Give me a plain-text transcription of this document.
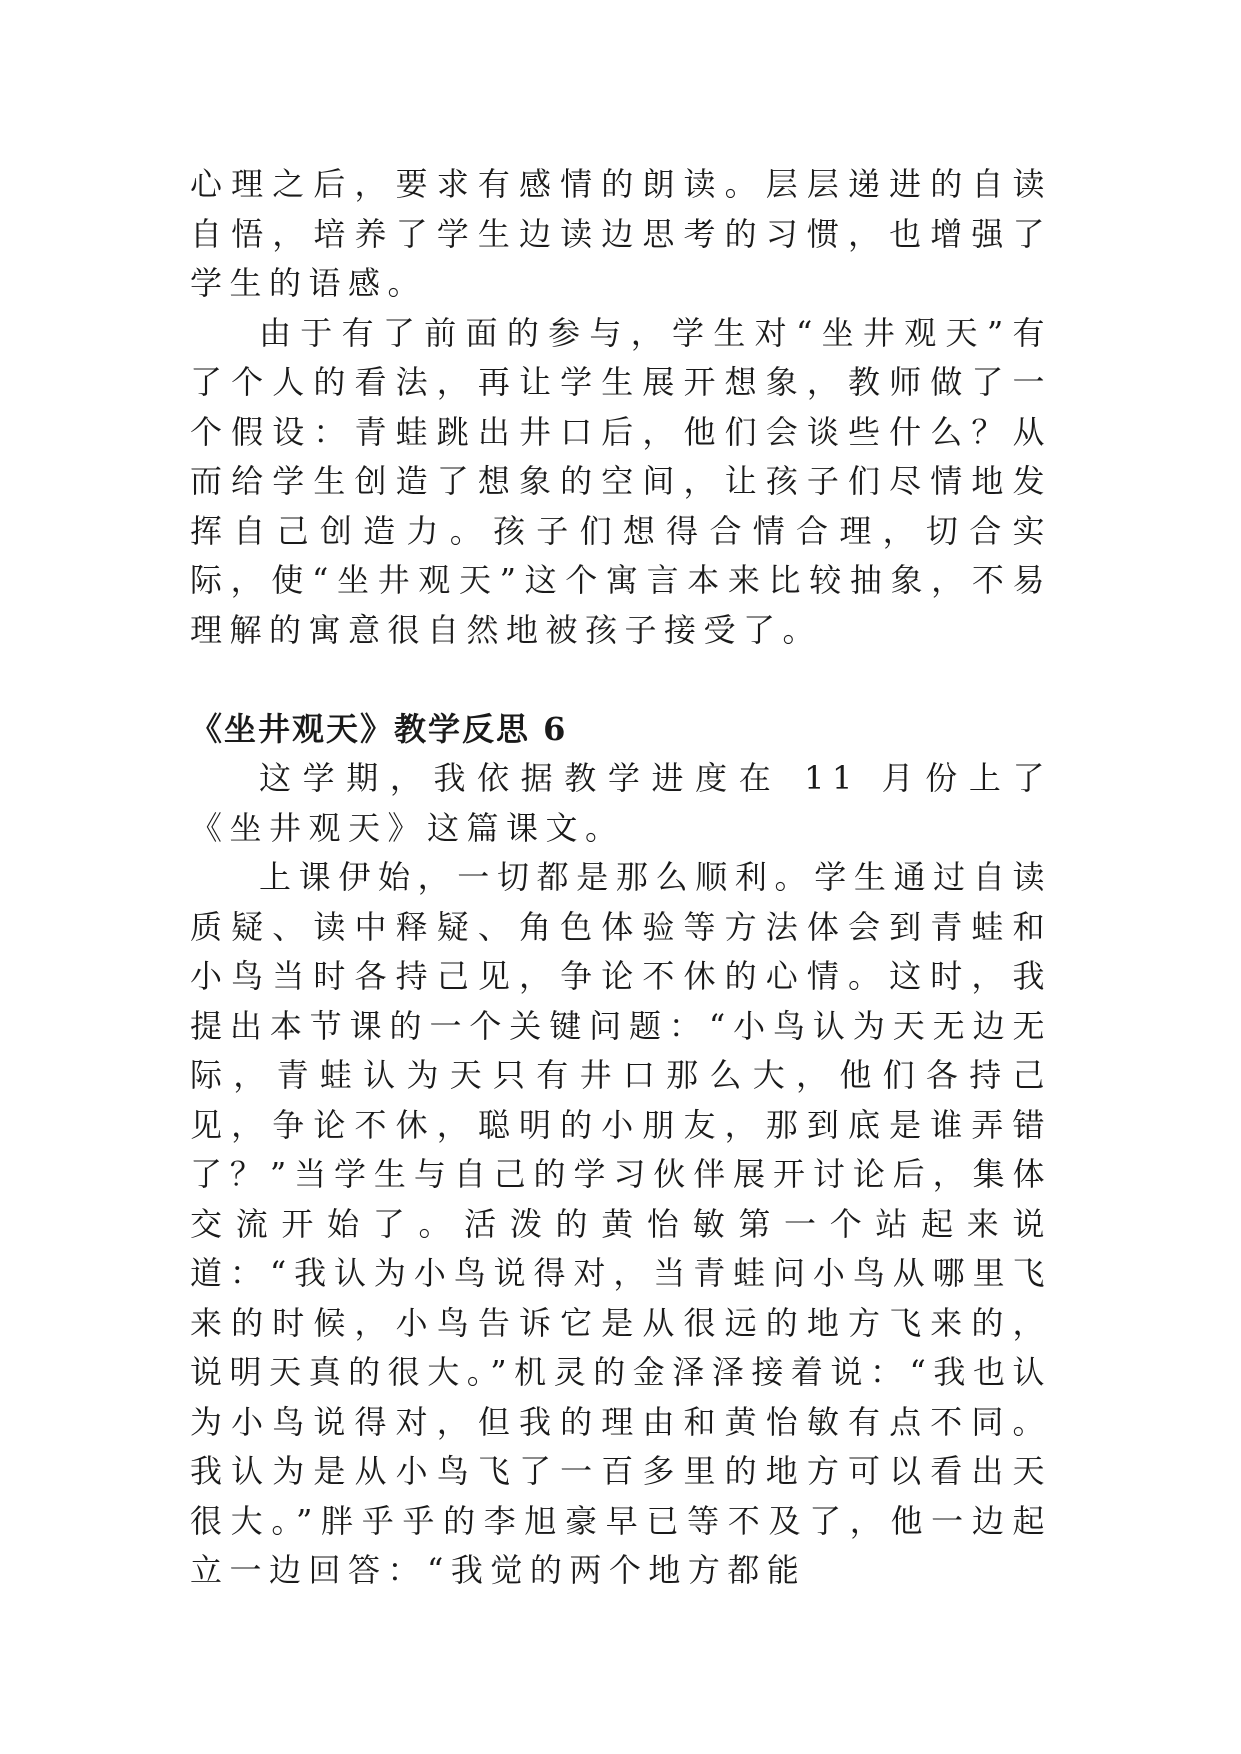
心理之后，要求有感情的朗读。层层递进的自读自悟，培养了学生边读边思考的习惯，也增强了学生的语感。

由于有了前面的参与，学生对“坐井观天”有了个人的看法，再让学生展开想象，教师做了一个假设：青蛙跳出井口后，他们会谈些什么？从而给学生创造了想象的空间，让孩子们尽情地发挥自己创造力。孩子们想得合情合理，切合实际，使“坐井观天”这个寓言本来比较抽象，不易理解的寓意很自然地被孩子接受了。

《坐井观天》教学反思 6

这学期，我依据教学进度在 11 月份上了《坐井观天》这篇课文。

上课伊始，一切都是那么顺利。学生通过自读质疑、读中释疑、角色体验等方法体会到青蛙和小鸟当时各持己见，争论不休的心情。这时，我提出本节课的一个关键问题：“小鸟认为天无边无际，青蛙认为天只有井口那么大，他们各持己见，争论不休，聪明的小朋友，那到底是谁弄错了？”当学生与自己的学习伙伴展开讨论后，集体交流开始了。活泼的黄怡敏第一个站起来说道：“我认为小鸟说得对，当青蛙问小鸟从哪里飞来的时候，小鸟告诉它是从很远的地方飞来的，说明天真的很大。”机灵的金泽泽接着说：“我也认为小鸟说得对，但我的理由和黄怡敏有点不同。我认为是从小鸟飞了一百多里的地方可以看出天很大。”胖乎乎的李旭豪早已等不及了，他一边起立一边回答：“我觉的两个地方都能
